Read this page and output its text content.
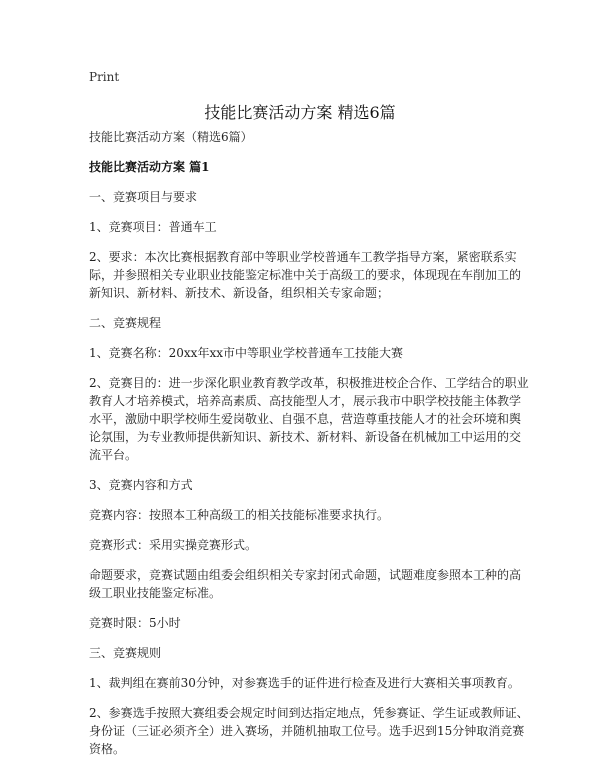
Print
技能比赛活动方案 精选6篇

技能比赛活动方案（精选6篇）

技能比赛活动方案 篇1

一、竞赛项目与要求

1、竞赛项目：普通车工

2、要求：本次比赛根据教育部中等职业学校普通车工教学指导方案，紧密联系实际，并参照相关专业职业技能鉴定标准中关于高级工的要求，体现现在车削加工的新知识、新材料、新技术、新设备，组织相关专家命题；

二、竞赛规程

1、竞赛名称：20xx年xx市中等职业学校普通车工技能大赛

2、竞赛目的：进一步深化职业教育教学改革，积极推进校企合作、工学结合的职业教育人才培养模式，培养高素质、高技能型人才，展示我市中职学校技能主体教学水平，激励中职学校师生爱岗敬业、自强不息，营造尊重技能人才的社会环境和舆论氛围，为专业教师提供新知识、新技术、新材料、新设备在机械加工中运用的交流平台。

3、竞赛内容和方式

竞赛内容：按照本工种高级工的相关技能标准要求执行。

竞赛形式：采用实操竞赛形式。

命题要求，竞赛试题由组委会组织相关专家封闭式命题，试题难度参照本工种的高级工职业技能鉴定标准。

竞赛时限：5小时

三、竞赛规则

1、裁判组在赛前30分钟，对参赛选手的证件进行检查及进行大赛相关事项教育。

2、参赛选手按照大赛组委会规定时间到达指定地点，凭参赛证、学生证或教师证、身份证（三证必须齐全）进入赛场，并随机抽取工位号。选手迟到15分钟取消竞赛资格。
